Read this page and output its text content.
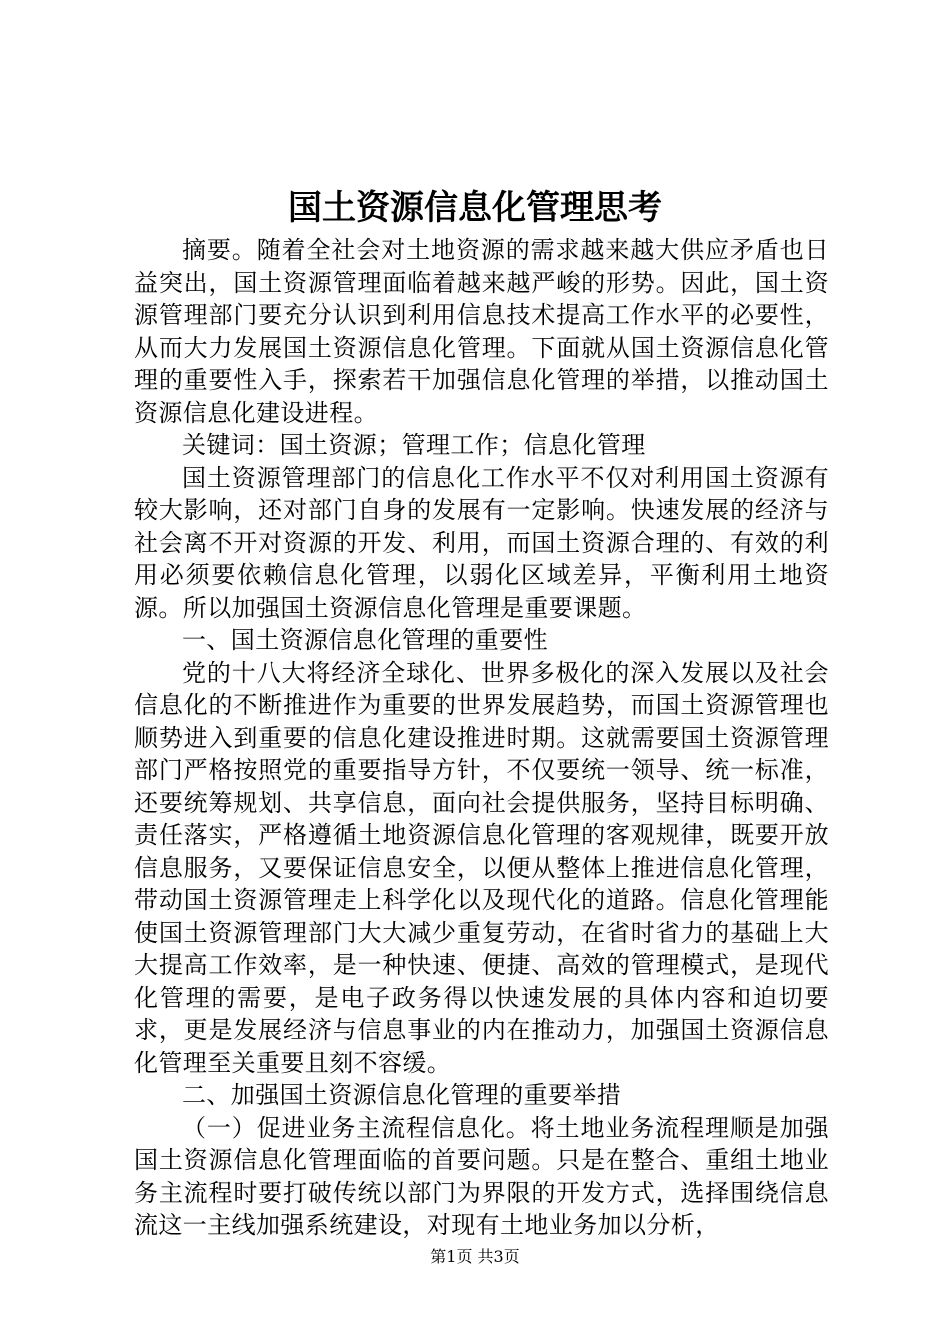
国土资源信息化管理思考

摘要。随着全社会对土地资源的需求越来越大供应矛盾也日益突出，国土资源管理面临着越来越严峻的形势。因此，国土资源管理部门要充分认识到利用信息技术提高工作水平的必要性，从而大力发展国土资源信息化管理。下面就从国土资源信息化管理的重要性入手，探索若干加强信息化管理的举措，以推动国土资源信息化建设进程。

关键词：国土资源；管理工作；信息化管理

国土资源管理部门的信息化工作水平不仅对利用国土资源有较大影响，还对部门自身的发展有一定影响。快速发展的经济与社会离不开对资源的开发、利用，而国土资源合理的、有效的利用必须要依赖信息化管理，以弱化区域差异，平衡利用土地资源。所以加强国土资源信息化管理是重要课题。

一、国土资源信息化管理的重要性

党的十八大将经济全球化、世界多极化的深入发展以及社会信息化的不断推进作为重要的世界发展趋势，而国土资源管理也顺势进入到重要的信息化建设推进时期。这就需要国土资源管理部门严格按照党的重要指导方针，不仅要统一领导、统一标准，还要统筹规划、共享信息，面向社会提供服务，坚持目标明确、责任落实，严格遵循土地资源信息化管理的客观规律，既要开放信息服务，又要保证信息安全，以便从整体上推进信息化管理，带动国土资源管理走上科学化以及现代化的道路。信息化管理能使国土资源管理部门大大减少重复劳动，在省时省力的基础上大大提高工作效率，是一种快速、便捷、高效的管理模式，是现代化管理的需要，是电子政务得以快速发展的具体内容和迫切要求，更是发展经济与信息事业的内在推动力，加强国土资源信息化管理至关重要且刻不容缓。

二、加强国土资源信息化管理的重要举措

（一）促进业务主流程信息化。将土地业务流程理顺是加强国土资源信息化管理面临的首要问题。只是在整合、重组土地业务主流程时要打破传统以部门为界限的开发方式，选择围绕信息流这一主线加强系统建设，对现有土地业务加以分析，

第1页 共3页
